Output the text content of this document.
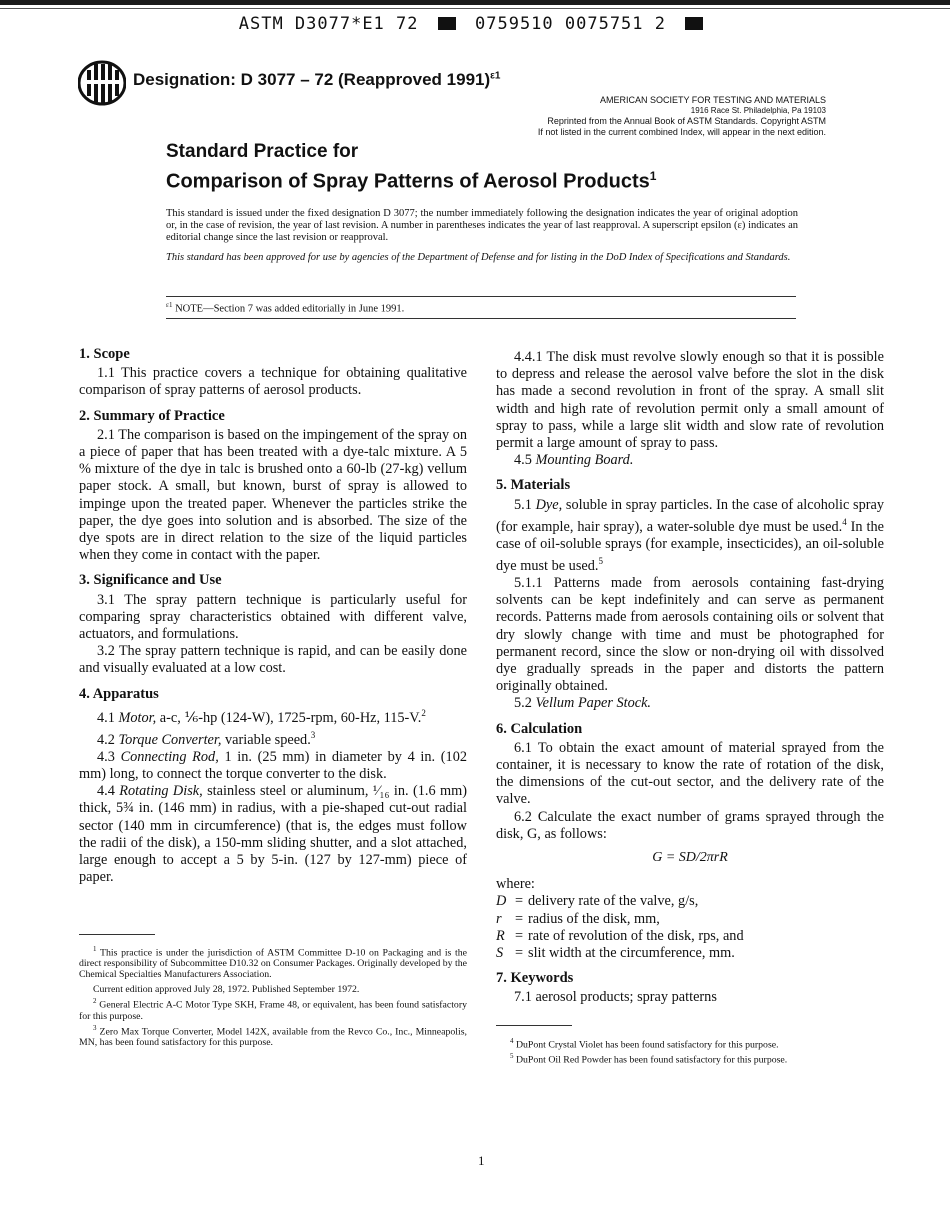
ASTM D3077*E1 72	0759510 0075751 2
Designation: D 3077 – 72 (Reapproved 1991)$^{\varepsilon 1}$
AMERICAN SOCIETY FOR TESTING AND MATERIALS
1916 Race St. Philadelphia, Pa 19103
Reprinted from the Annual Book of ASTM Standards. Copyright ASTM
If not listed in the current combined Index, will appear in the next edition.
Standard Practice for
Comparison of Spray Patterns of Aerosol Products$^1$

This standard is issued under the fixed designation D 3077; the number immediately following the designation indicates the year of original adoption or, in the case of revision, the year of last revision. A number in parentheses indicates the year of last reapproval. A superscript epsilon (ε) indicates an editorial change since the last revision or reapproval.

This standard has been approved for use by agencies of the Department of Defense and for listing in the DoD Index of Specifications and Standards.

$^{\varepsilon 1}$ NOTE—Section 7 was added editorially in June 1991.
1. Scope

1.1 This practice covers a technique for obtaining qualitative comparison of spray patterns of aerosol products.

2. Summary of Practice

2.1 The comparison is based on the impingement of the spray on a piece of paper that has been treated with a dye-talc mixture. A 5 % mixture of the dye in talc is brushed onto a 60-lb (27-kg) vellum paper stock. A small, but known, burst of spray is allowed to impinge upon the treated paper. Whenever the particles strike the paper, the dye goes into solution and is absorbed. The size of the dye spots are in direct relation to the size of the liquid particles when they come in contact with the paper.

3. Significance and Use

3.1 The spray pattern technique is particularly useful for comparing spray characteristics obtained with different valve, actuators, and formulations.

3.2 The spray pattern technique is rapid, and can be easily done and visually evaluated at a low cost.

4. Apparatus

4.1 Motor, a-c, ⅙-hp (124-W), 1725-rpm, 60-Hz, 115-V.$^2$

4.2 Torque Converter, variable speed.$^3$

4.3 Connecting Rod, 1 in. (25 mm) in diameter by 4 in. (102 mm) long, to connect the torque converter to the disk.

4.4 Rotating Disk, stainless steel or aluminum, ¹⁄₁₆ in. (1.6 mm) thick, 5¾ in. (146 mm) in radius, with a pie-shaped cut-out radial sector (140 mm in circumference) (that is, the edges must follow the radii of the disk), a 150-mm sliding shutter, and a slot attached, large enough to accept a 5 by 5-in. (127 by 127-mm) piece of paper.

$^1$ This practice is under the jurisdiction of ASTM Committee D-10 on Packaging and is the direct responsibility of Subcommittee D10.32 on Consumer Packages. Originally developed by the Chemical Specialties Manufacturers Association.

Current edition approved July 28, 1972. Published September 1972.

$^2$ General Electric A-C Motor Type SKH, Frame 48, or equivalent, has been found satisfactory for this purpose.

$^3$ Zero Max Torque Converter, Model 142X, available from the Revco Co., Inc., Minneapolis, MN, has been found satisfactory for this purpose.

4.4.1 The disk must revolve slowly enough so that it is possible to depress and release the aerosol valve before the slot in the disk has made a second revolution in front of the spray. A small slit width and high rate of revolution permit only a small amount of spray to pass, while a large slit width and slow rate of revolution permit a large amount of spray to pass.

4.5 Mounting Board.

5. Materials

5.1 Dye, soluble in spray particles. In the case of alcoholic spray (for example, hair spray), a water-soluble dye must be used.$^4$ In the case of oil-soluble sprays (for example, insecticides), an oil-soluble dye must be used.$^5$

5.1.1 Patterns made from aerosols containing fast-drying solvents can be kept indefinitely and can serve as permanent records. Patterns made from aerosols containing oils or solvent that dry slowly change with time and must be photographed for permanent record, since the slow or non-drying oil with dissolved dye gradually spreads in the paper and distorts the pattern originally obtained.

5.2 Vellum Paper Stock.

6. Calculation

6.1 To obtain the exact amount of material sprayed from the container, it is necessary to know the rate of rotation of the disk, the dimensions of the cut-out sector, and the delivery rate of the valve.

6.2 Calculate the exact number of grams sprayed through the disk, G, as follows:

G = SD/2πrR
where:
D = delivery rate of the valve, g/s,
r = radius of the disk, mm,
R = rate of revolution of the disk, rps, and
S = slit width at the circumference, mm.
7. Keywords

7.1 aerosol products; spray patterns

$^4$ DuPont Crystal Violet has been found satisfactory for this purpose.

$^5$ DuPont Oil Red Powder has been found satisfactory for this purpose.

1
